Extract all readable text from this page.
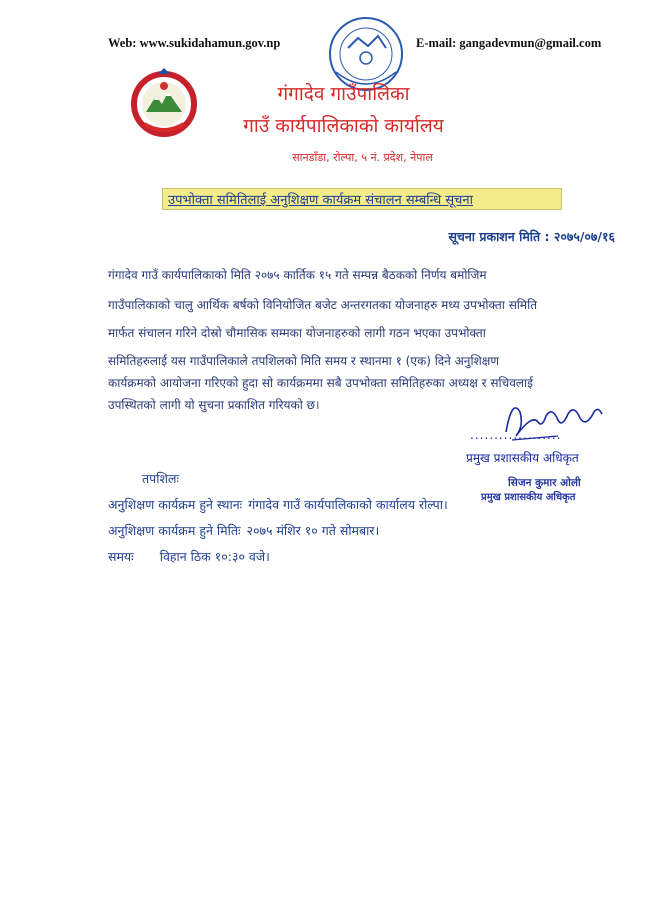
Web: www.sukidahamun.gov.np	E-mail: gangadevmun@gmail.com
गंगादेव गाउँपालिका
गाउँ कार्यपालिकाको कार्यालय
सानडाँडा, रोल्पा, ५ नं. प्रदेश, नेपाल
उपभोक्ता समितिलाई अनुशिक्षण कार्यक्रम संचालन सम्बन्धि सूचना
सूचना प्रकाशन मिति : २०७५/०७/१६
गंगादेव गाउँ कार्यपालिकाको मिति २०७५ कार्तिक १५ गते सम्पन्न बैठकको निर्णय बमोजिम
गाउँपालिकाको चालु आर्थिक बर्षको विनियोजित बजेट अन्तरगतका योजनाहरु मध्य उपभोक्ता समिति
मार्फत संचालन गरिने दोस्रो चौमासिक सम्मका योजनाहरुको लागी गठन भएका उपभोक्ता
समितिहरुलाई यस गाउँपालिकाले तपशिलको मिति समय र स्थानमा १ (एक) दिने अनुशिक्षण
कार्यक्रमको आयोजना गरिएको हुदा सो कार्यक्रममा सबै उपभोक्ता समितिहरुका अध्यक्ष र सचिवलाई
उपस्थितको लागी यो सुचना प्रकाशित गरियको छ।
...................
प्रमुख प्रशासकीय अधिकृत
तपशिलः	सिजन कुमार ओली
अनुशिक्षण कार्यक्रम हुने स्थानः गंगादेव गाउँ कार्यपालिकाको कार्यालय रोल्पा।	प्रमुख प्रशासकीय अधिकृत
अनुशिक्षण कार्यक्रम हुने मितिः २०७५ मंशिर १० गते सोमबार।
समयः विहान ठिक १०:३० वजे।
